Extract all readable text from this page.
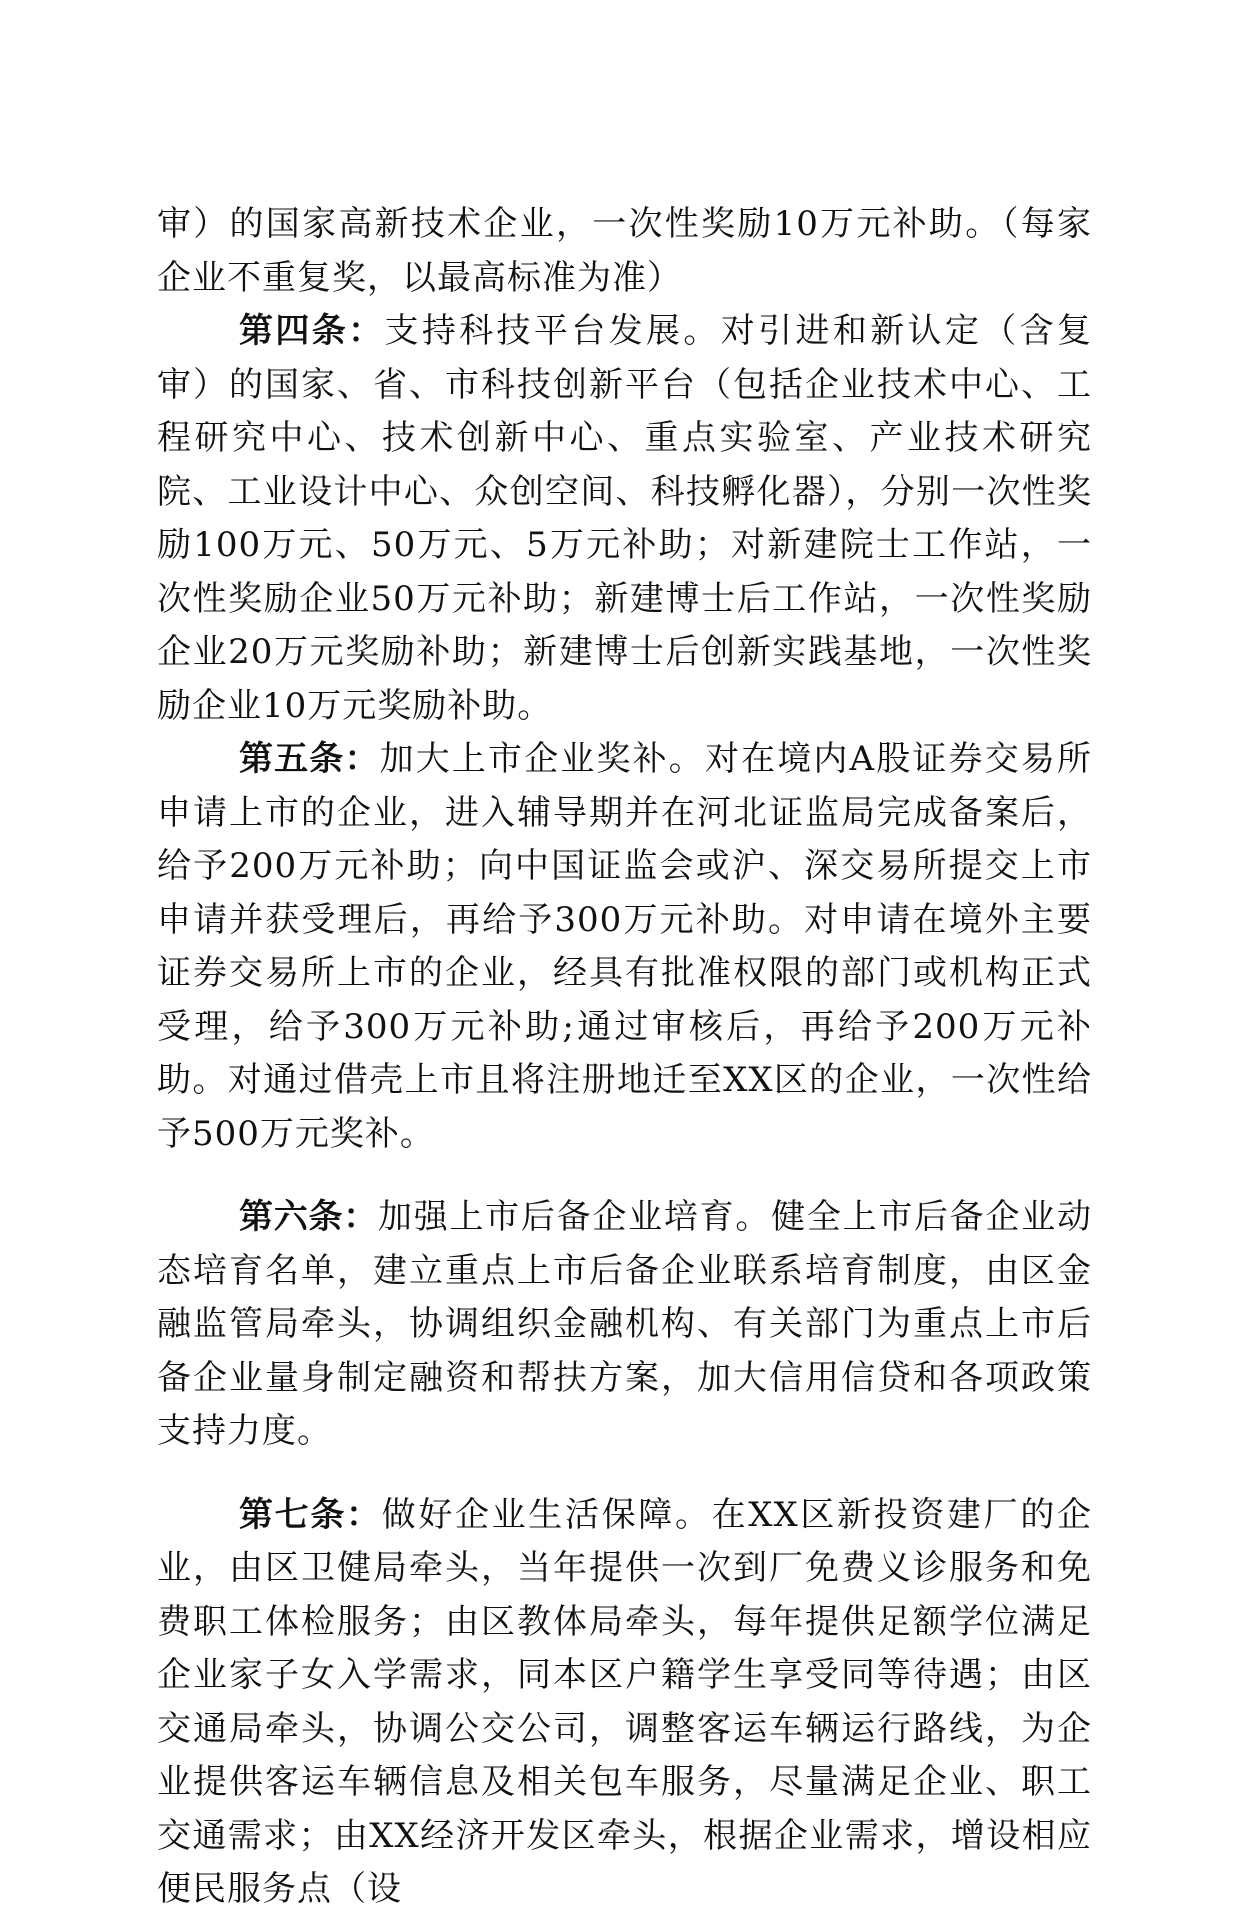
审）的国家高新技术企业，一次性奖励10万元补助。（每家企业不重复奖，以最高标准为准）

第四条：支持科技平台发展。对引进和新认定（含复审）的国家、省、市科技创新平台（包括企业技术中心、工程研究中心、技术创新中心、重点实验室、产业技术研究院、工业设计中心、众创空间、科技孵化器），分别一次性奖励100万元、50万元、5万元补助；对新建院士工作站，一次性奖励企业50万元补助；新建博士后工作站，一次性奖励企业20万元奖励补助；新建博士后创新实践基地，一次性奖励企业10万元奖励补助。

第五条：加大上市企业奖补。对在境内A股证券交易所申请上市的企业，进入辅导期并在河北证监局完成备案后，给予200万元补助；向中国证监会或沪、深交易所提交上市申请并获受理后，再给予300万元补助。对申请在境外主要证券交易所上市的企业，经具有批准权限的部门或机构正式受理，给予300万元补助;通过审核后，再给予200万元补助。对通过借壳上市且将注册地迁至XX区的企业，一次性给予500万元奖补。

第六条：加强上市后备企业培育。健全上市后备企业动态培育名单，建立重点上市后备企业联系培育制度，由区金融监管局牵头，协调组织金融机构、有关部门为重点上市后备企业量身制定融资和帮扶方案，加大信用信贷和各项政策支持力度。

第七条：做好企业生活保障。在XX区新投资建厂的企业，由区卫健局牵头，当年提供一次到厂免费义诊服务和免费职工体检服务；由区教体局牵头，每年提供足额学位满足企业家子女入学需求，同本区户籍学生享受同等待遇；由区交通局牵头，协调公交公司，调整客运车辆运行路线，为企业提供客运车辆信息及相关包车服务，尽量满足企业、职工交通需求；由XX经济开发区牵头，根据企业需求，增设相应便民服务点（设
